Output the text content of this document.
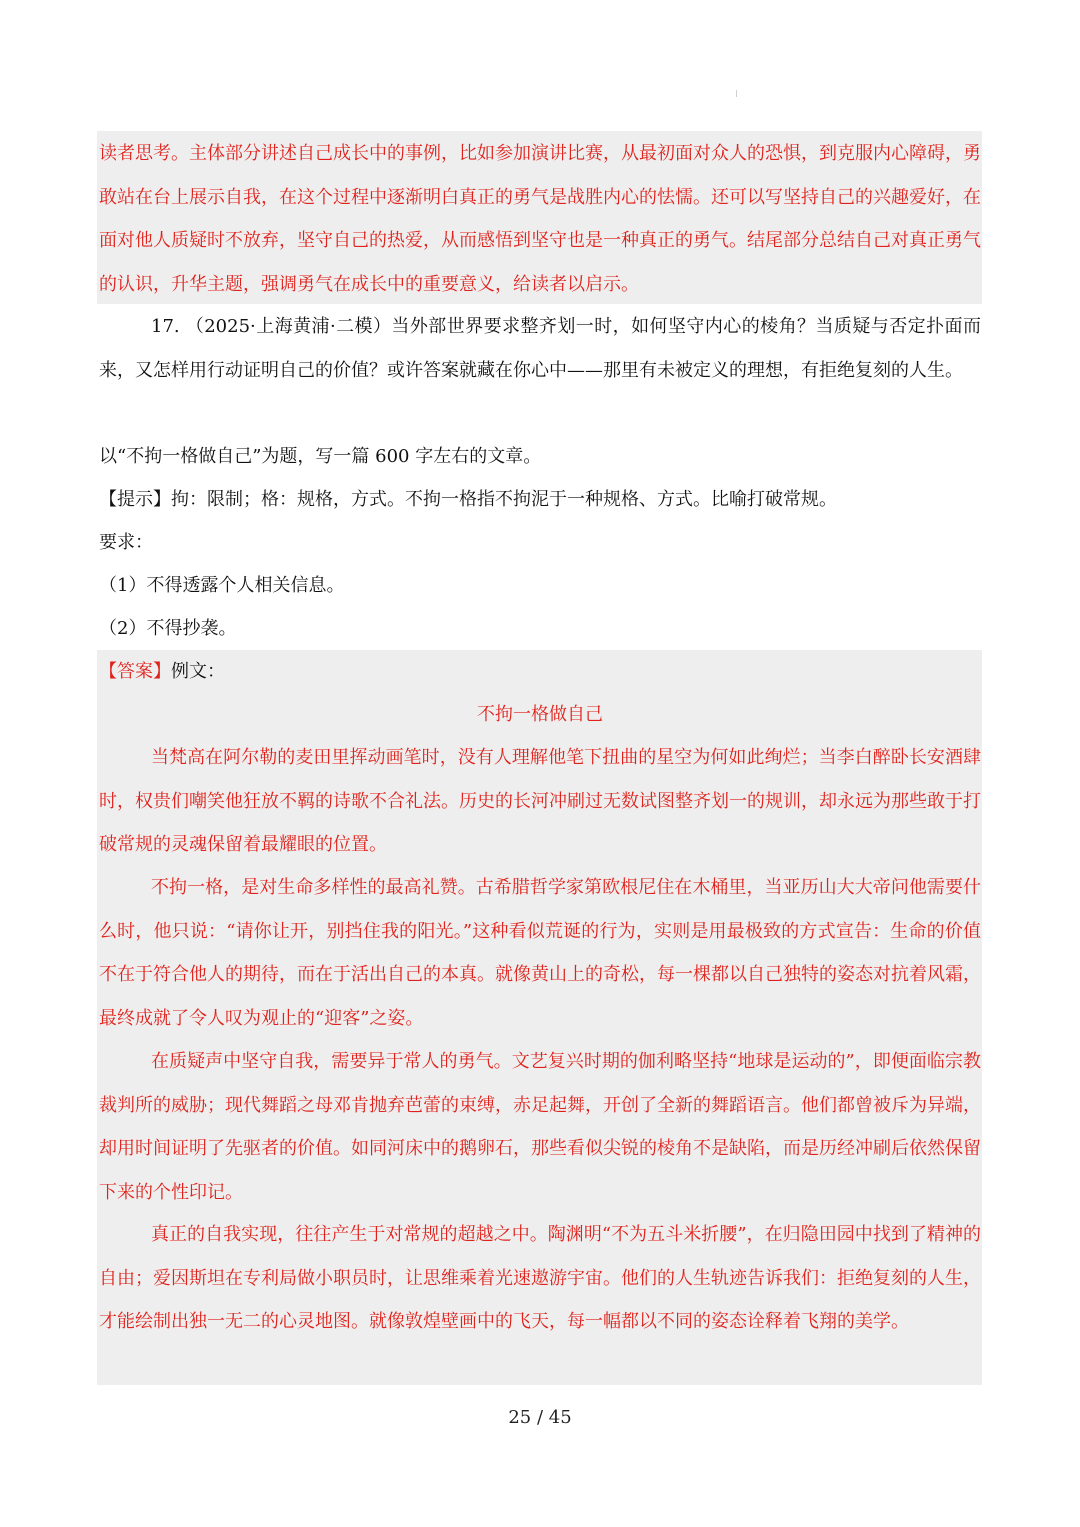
读者思考。主体部分讲述自己成长中的事例，比如参加演讲比赛，从最初面对众人的恐惧，到克服内心障碍，勇敢站在台上展示自我，在这个过程中逐渐明白真正的勇气是战胜内心的怯懦。还可以写坚持自己的兴趣爱好，在面对他人质疑时不放弃，坚守自己的热爱，从而感悟到坚守也是一种真正的勇气。结尾部分总结自己对真正勇气的认识，升华主题，强调勇气在成长中的重要意义，给读者以启示。

17. （2025·上海黄浦·二模）当外部世界要求整齐划一时，如何坚守内心的棱角？当质疑与否定扑面而来，又怎样用行动证明自己的价值？或许答案就藏在你心中——那里有未被定义的理想，有拒绝复刻的人生。

以“不拘一格做自己”为题，写一篇 600 字左右的文章。

【提示】拘：限制；格：规格，方式。不拘一格指不拘泥于一种规格、方式。比喻打破常规。

要求：

（1）不得透露个人相关信息。

（2）不得抄袭。

【答案】例文：

不拘一格做自己

当梵高在阿尔勒的麦田里挥动画笔时，没有人理解他笔下扭曲的星空为何如此绚烂；当李白醉卧长安酒肆时，权贵们嘲笑他狂放不羁的诗歌不合礼法。历史的长河冲刷过无数试图整齐划一的规训，却永远为那些敢于打破常规的灵魂保留着最耀眼的位置。

不拘一格，是对生命多样性的最高礼赞。古希腊哲学家第欧根尼住在木桶里，当亚历山大大帝问他需要什么时，他只说：“请你让开，别挡住我的阳光。”这种看似荒诞的行为，实则是用最极致的方式宣告：生命的价值不在于符合他人的期待，而在于活出自己的本真。就像黄山上的奇松，每一棵都以自己独特的姿态对抗着风霜，最终成就了令人叹为观止的“迎客”之姿。

在质疑声中坚守自我，需要异于常人的勇气。文艺复兴时期的伽利略坚持“地球是运动的”，即便面临宗教裁判所的威胁；现代舞蹈之母邓肯抛弃芭蕾的束缚，赤足起舞，开创了全新的舞蹈语言。他们都曾被斥为异端，却用时间证明了先驱者的价值。如同河床中的鹅卵石，那些看似尖锐的棱角不是缺陷，而是历经冲刷后依然保留下来的个性印记。

真正的自我实现，往往产生于对常规的超越之中。陶渊明“不为五斗米折腰”，在归隐田园中找到了精神的自由；爱因斯坦在专利局做小职员时，让思维乘着光速遨游宇宙。他们的人生轨迹告诉我们：拒绝复刻的人生，才能绘制出独一无二的心灵地图。就像敦煌壁画中的飞天，每一幅都以不同的姿态诠释着飞翔的美学。

25 / 45
